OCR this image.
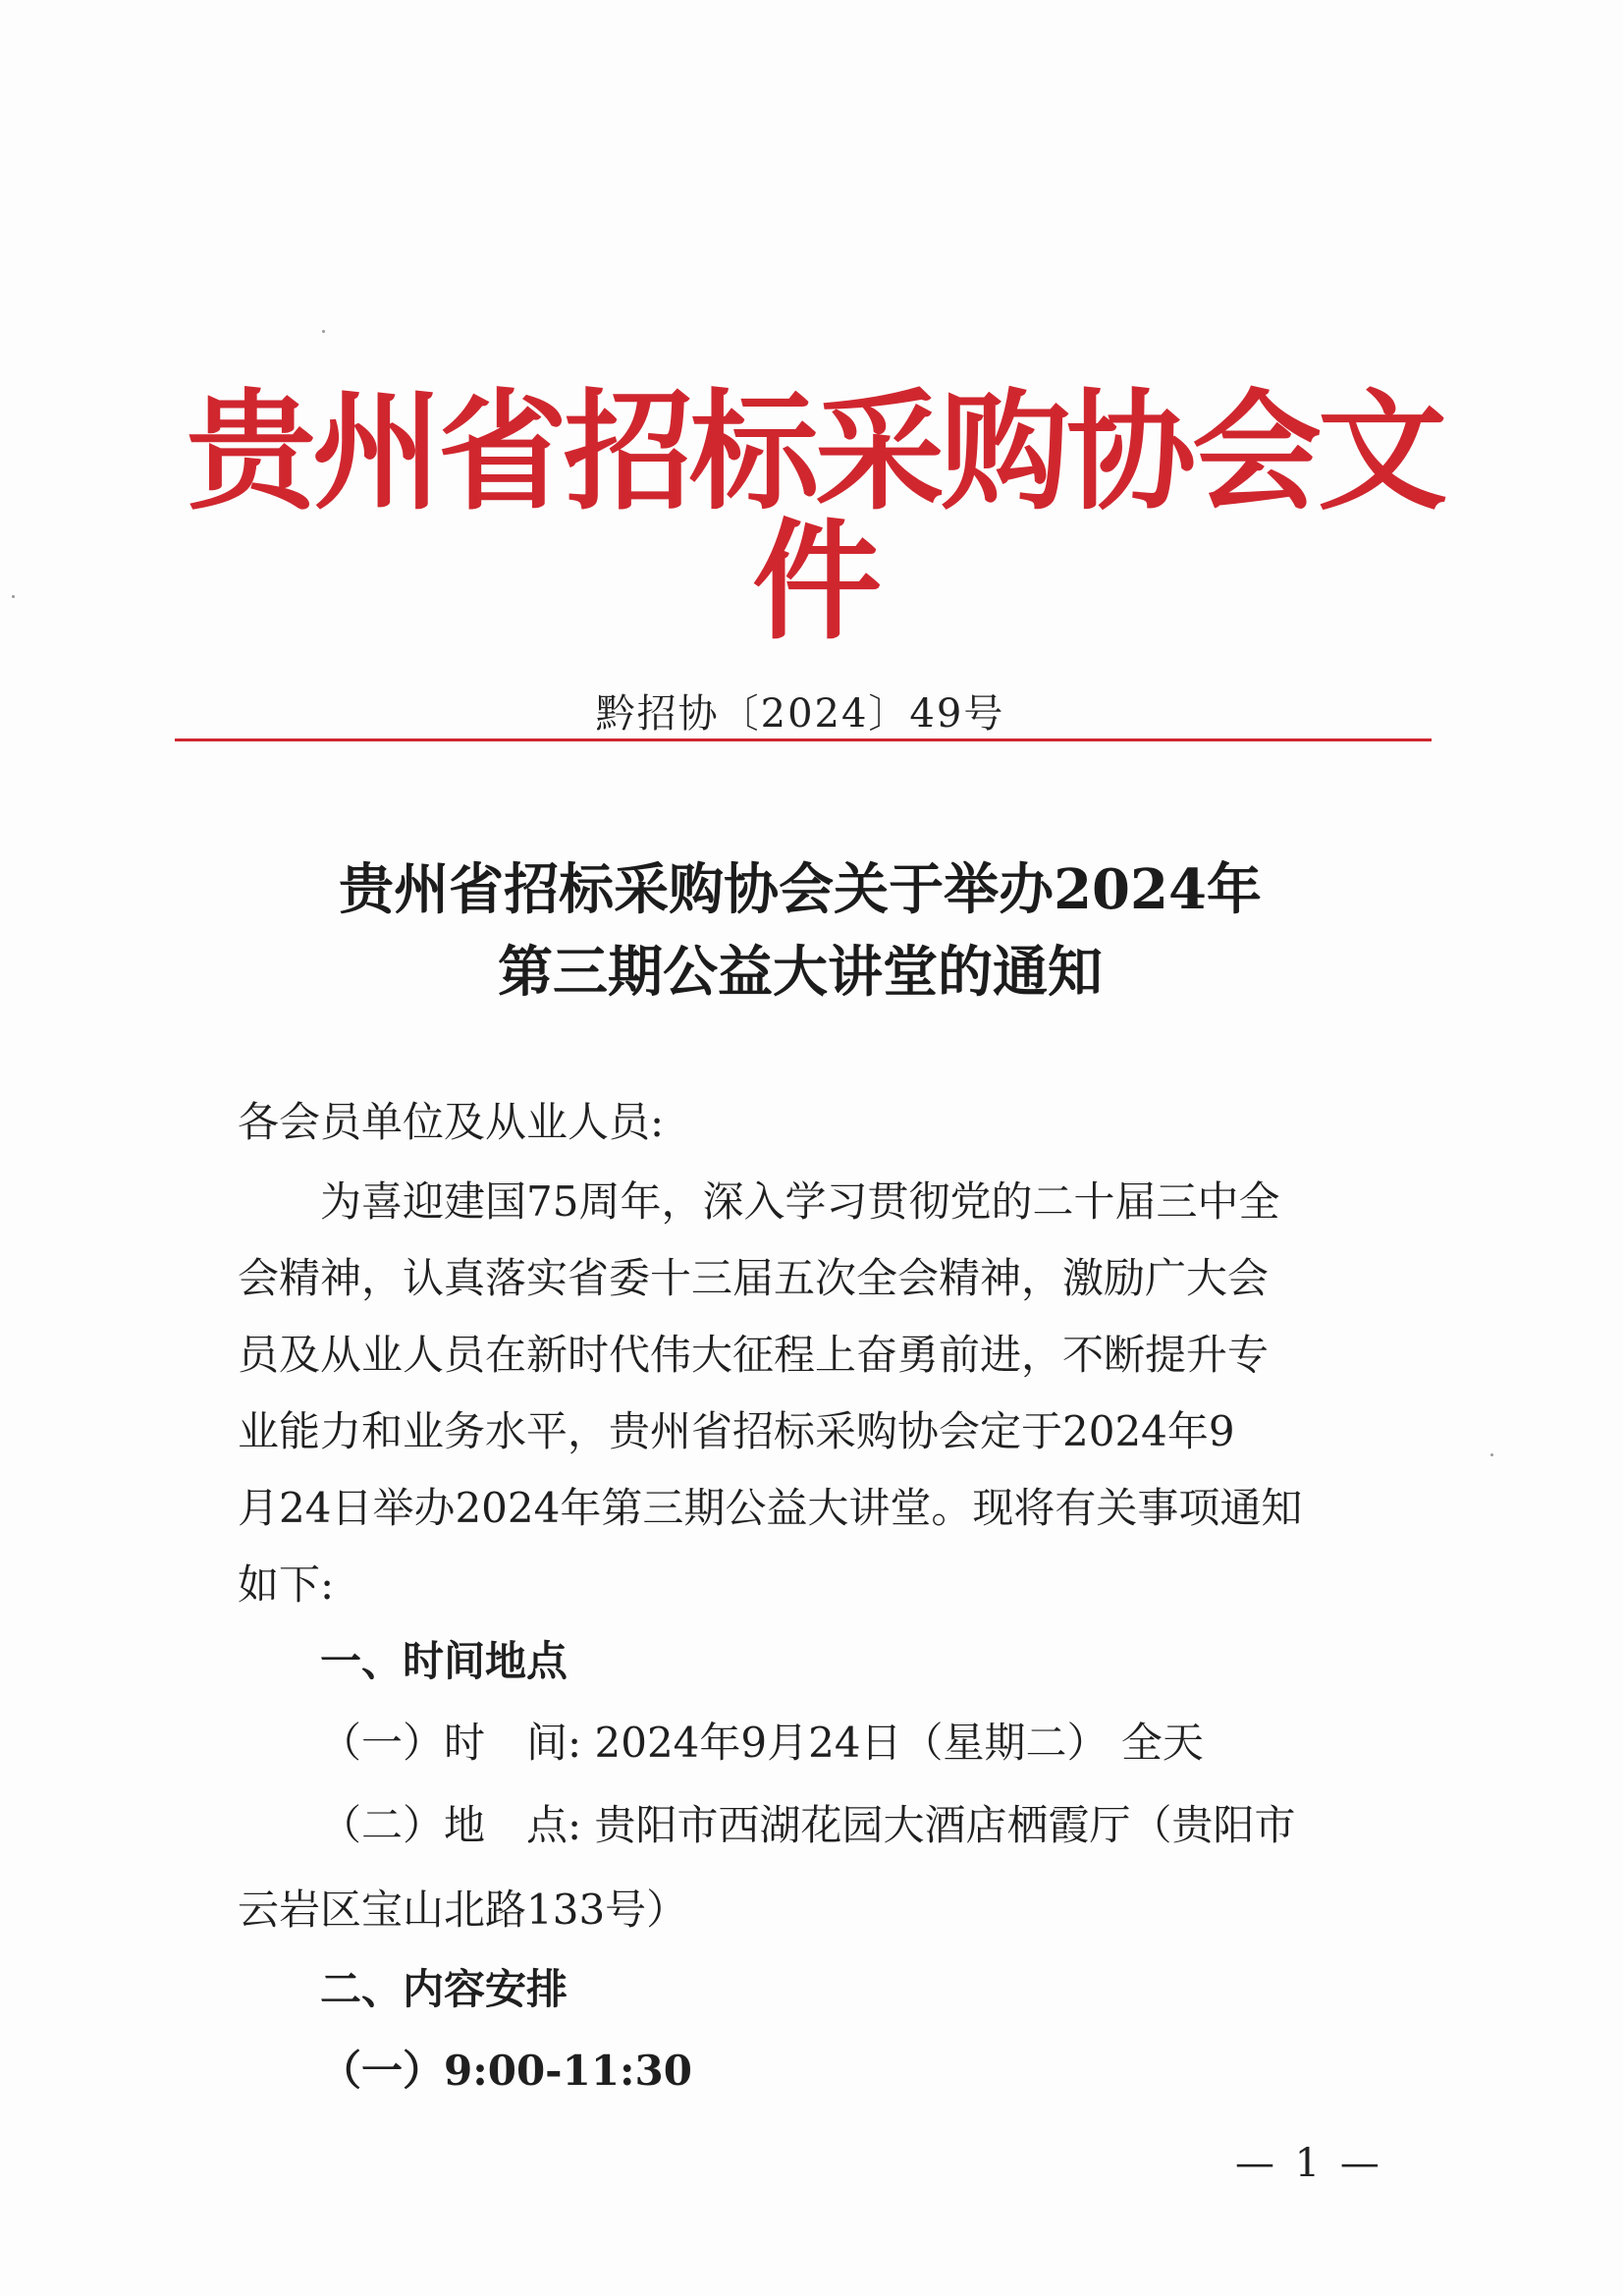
贵州省招标采购协会文件
黔招协〔2024〕49号
贵州省招标采购协会关于举办2024年
第三期公益大讲堂的通知
各会员单位及从业人员:
为喜迎建国75周年，深入学习贯彻党的二十届三中全
会精神，认真落实省委十三届五次全会精神，激励广大会
员及从业人员在新时代伟大征程上奋勇前进，不断提升专
业能力和业务水平，贵州省招标采购协会定于2024年9
月24日举办2024年第三期公益大讲堂。现将有关事项通知
如下:
一、时间地点
（一）时　间: 2024年9月24日（星期二） 全天
（二）地　点: 贵阳市西湖花园大酒店栖霞厅（贵阳市
云岩区宝山北路133号）
二、内容安排
（一）9:00-11:30
— 1 —
